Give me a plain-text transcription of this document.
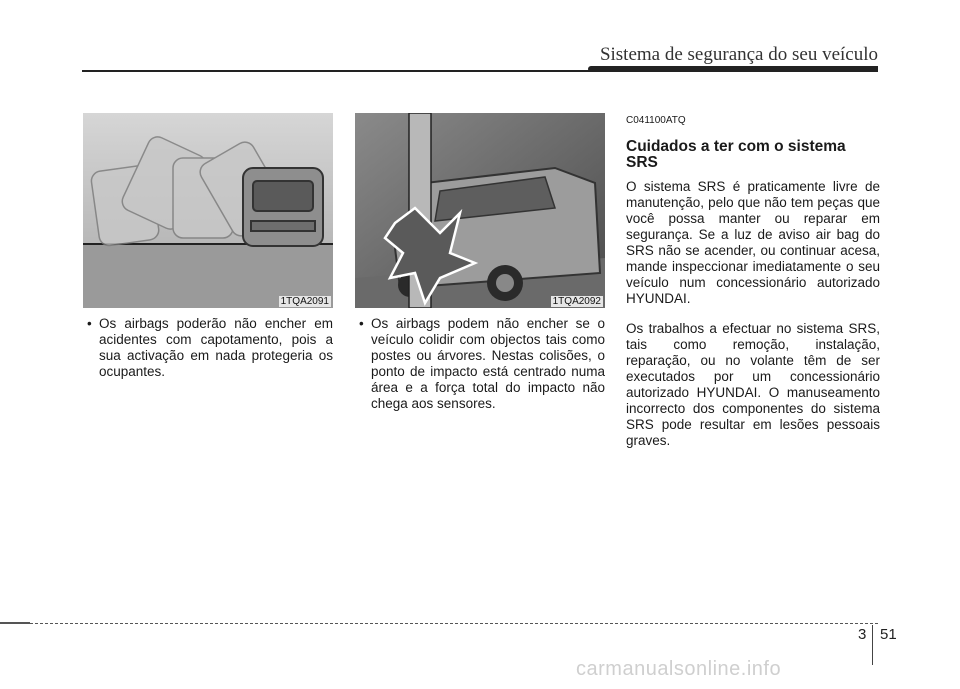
Sistema de segurança do seu veículo
1TQA2091	1TQA2092
• Os airbags poderão não encher em acidentes com capotamento, pois a sua activação em nada protegeria os ocupantes.
• Os airbags podem não encher se o veículo colidir com objectos tais como postes ou árvores. Nestas colisões, o ponto de impacto está centrado numa área e a força total do impacto não chega aos sensores.
C041100ATQ
Cuidados a ter com o sistema SRS

O sistema SRS é praticamente livre de manutenção, pelo que não tem peças que você possa manter ou reparar em segurança. Se a luz de aviso air bag do SRS não se acender, ou continuar acesa, mande inspeccionar imediatamente o seu veículo num concessionário autorizado HYUNDAI.

Os trabalhos a efectuar no sistema SRS, tais como remoção, instalação, reparação, ou no volante têm de ser executados por um concessionário autorizado HYUNDAI. O manuseamento incorrecto dos componentes do sistema SRS pode resultar em lesões pessoais graves.

3 51
carmanualsonline.info
